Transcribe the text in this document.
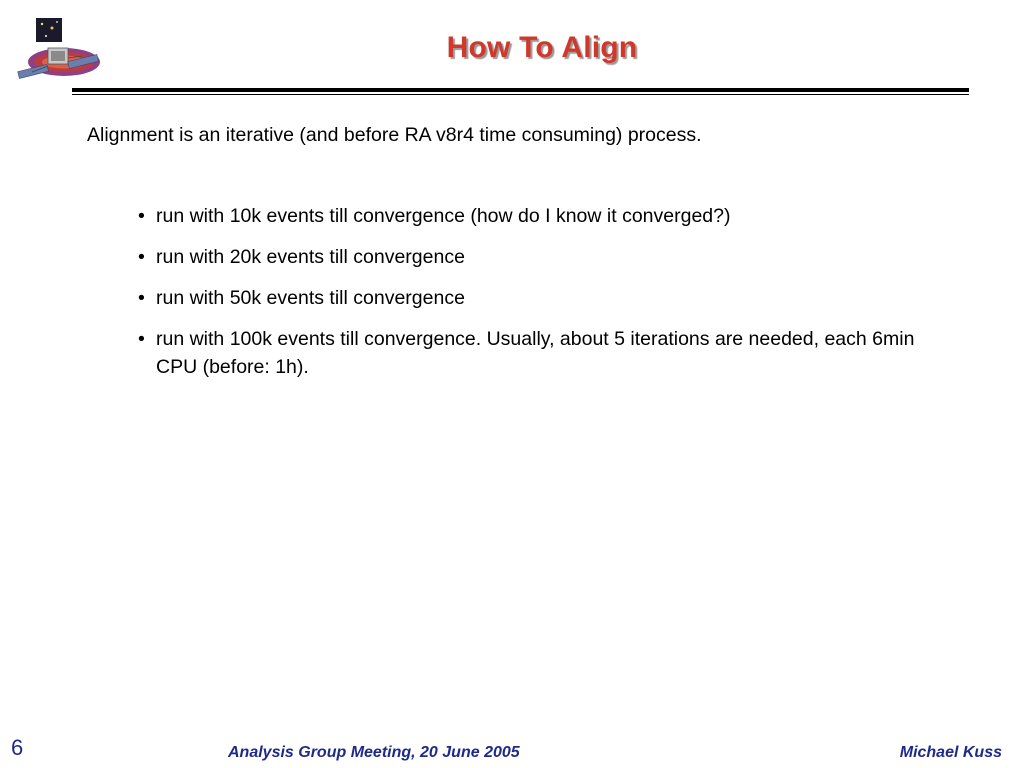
How To Align
Alignment is an iterative (and before RA v8r4 time consuming) process.
• run with 10k events till convergence (how do I know it converged?)
• run with 20k events till convergence
• run with 50k events till convergence
• run with 100k events till convergence. Usually, about 5 iterations are needed, each 6min CPU (before: 1h).
6	Analysis Group Meeting, 20 June 2005	Michael Kuss
